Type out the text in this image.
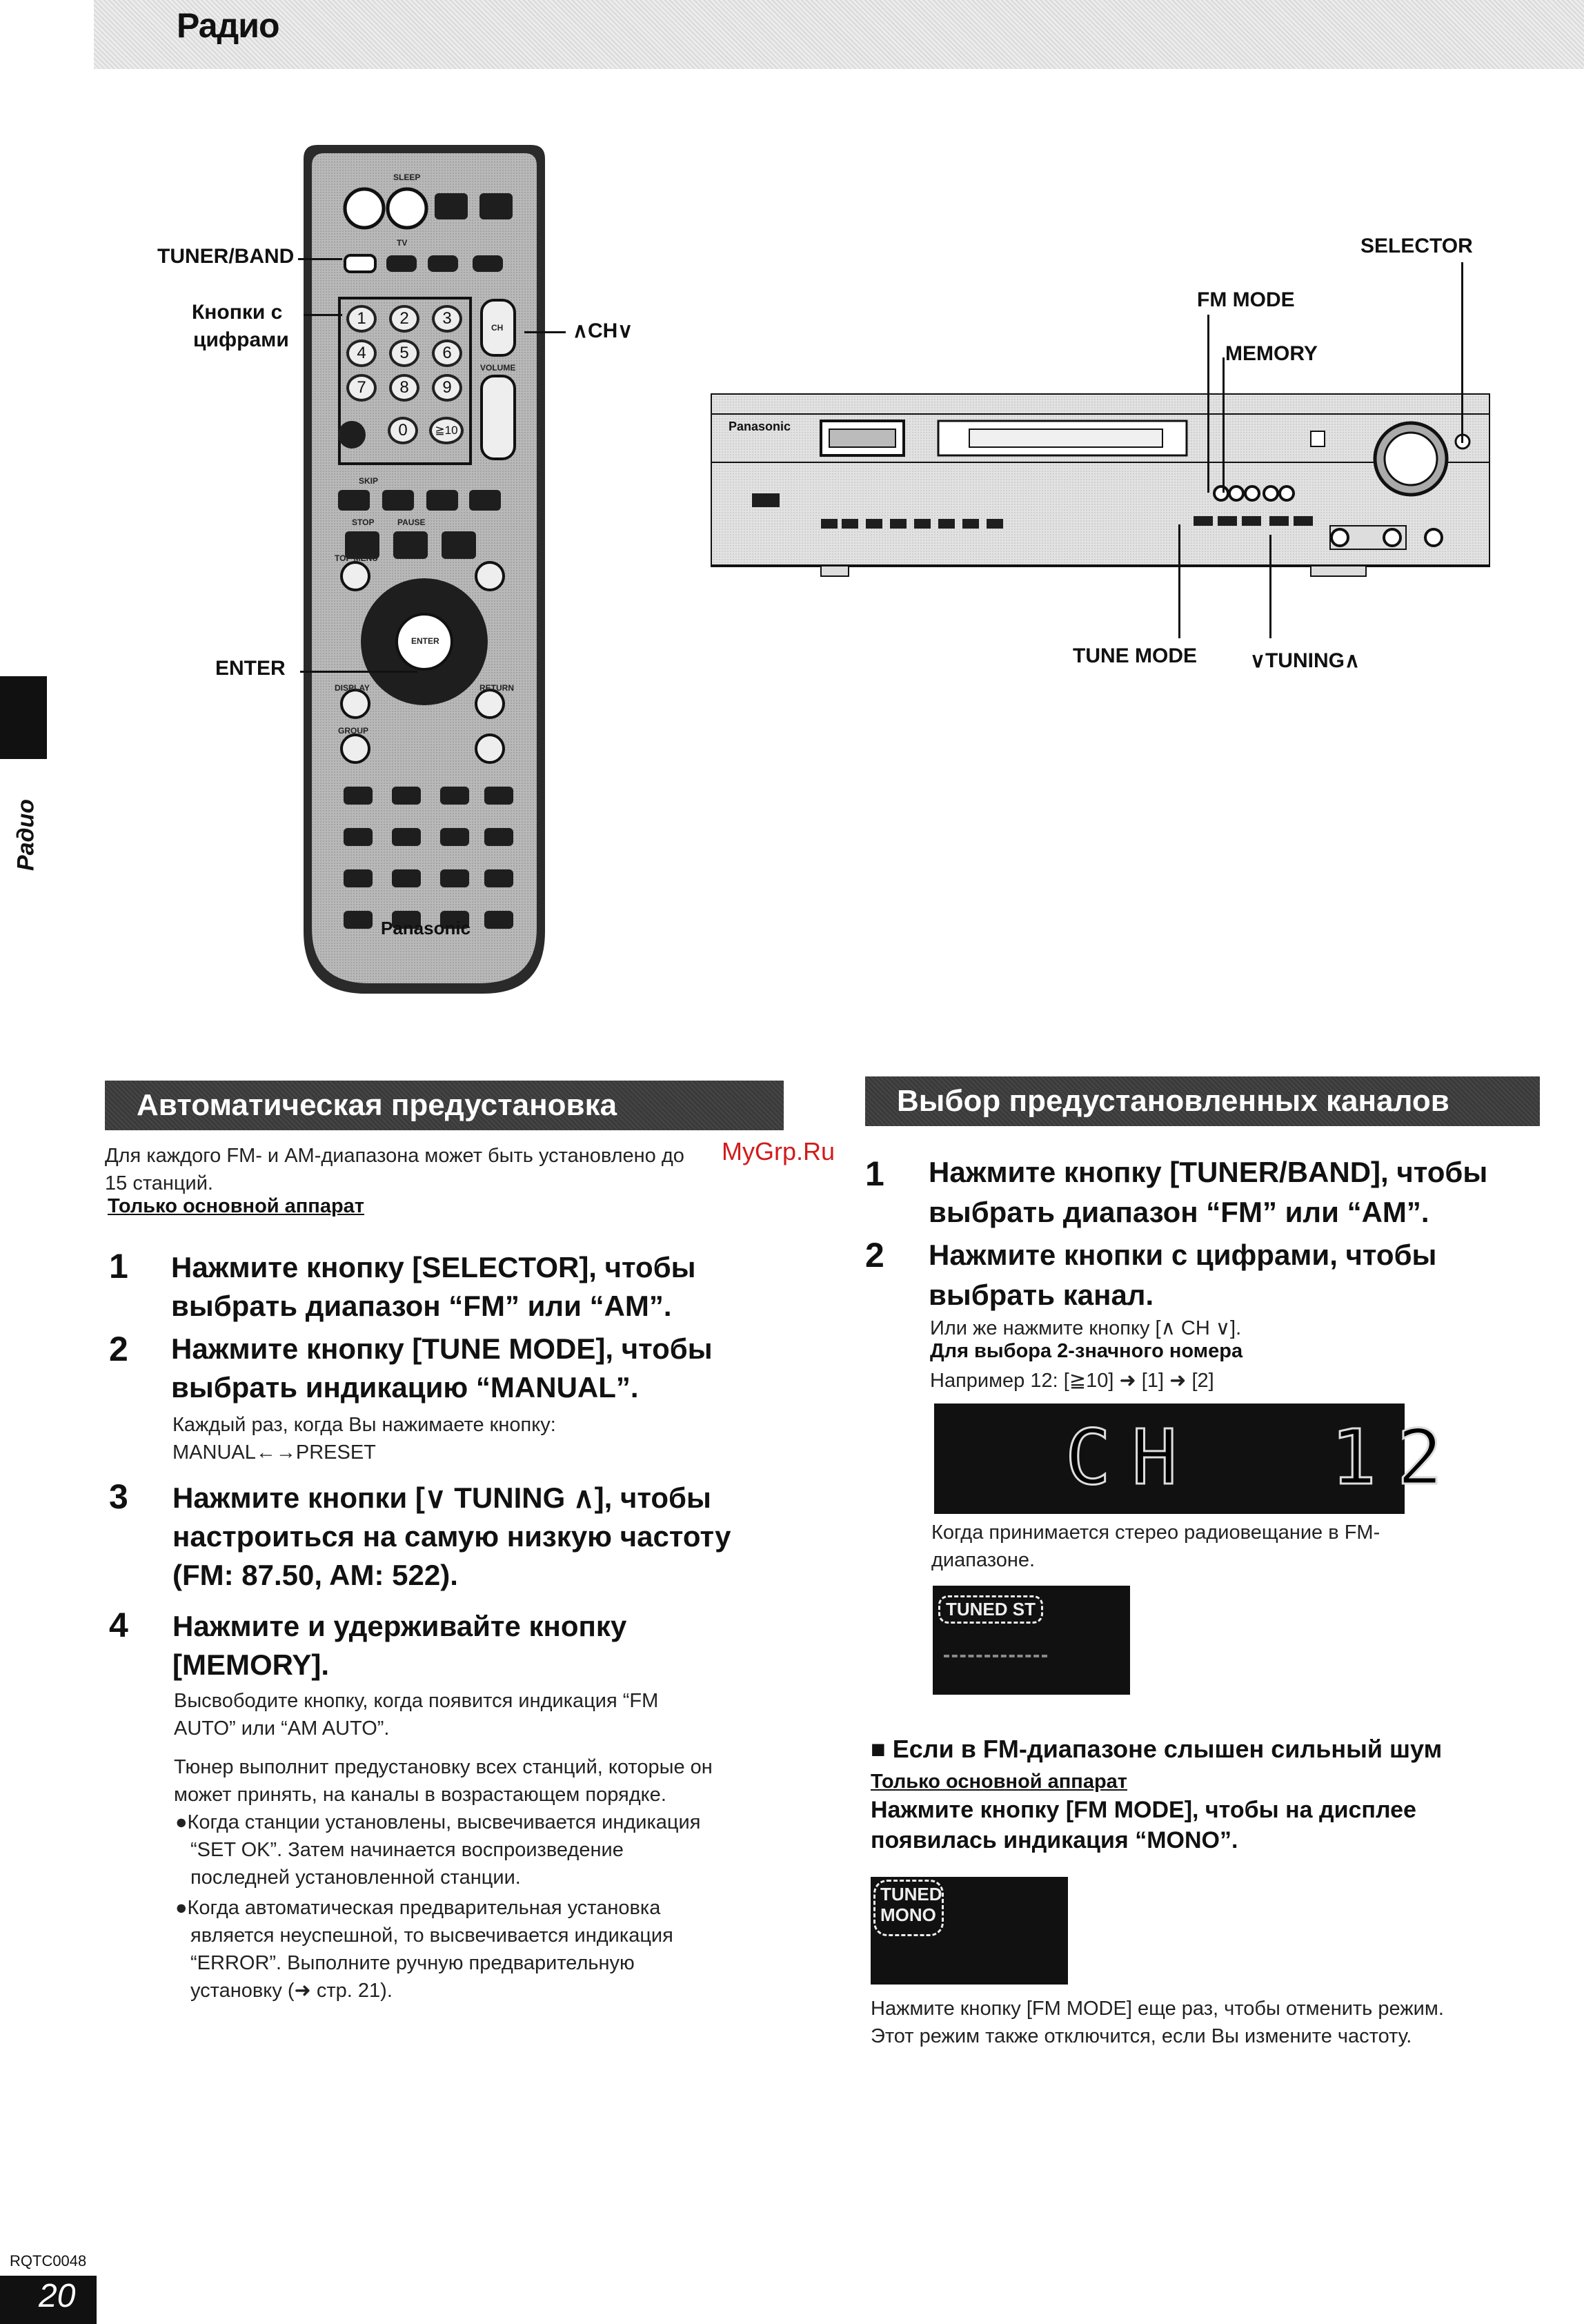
Радио
Радио
1	2	3
4	5	6
7	8	9
0	≧10
SLEEP
TV
CH
VOLUME
SKIP
STOP	PAUSE
TOP MENU
ENTER
DISPLAY
GROUP
RETURN
Panasonic
TUNER/BAND
Кнопки с
цифрами	∧CH∨
ENTER
Panasonic
SELECTOR
FM MODE
MEMORY
TUNE MODE	∨TUNING∧
MyGrp.Ru
Автоматическая предустановка
Для каждого FM- и AM-диапазона может быть установлено до
15 станций.
Только основной аппарат
1 Нажмите кнопку [SELECTOR], чтобы
выбрать диапазон “FM” или “AM”.
2 Нажмите кнопку [TUNE MODE], чтобы
выбрать индикацию “MANUAL”.
Каждый раз, когда Вы нажимаете кнопку:
MANUAL←→PRESET
3 Нажмите кнопки [∨ TUNING ∧], чтобы
настроиться на самую низкую частоту
(FM: 87.50, AM: 522).
4 Нажмите и удерживайте кнопку
[MEMORY].
Высвободите кнопку, когда появится индикация “FM
AUTO” или “AM AUTO”.
Тюнер выполнит предустановку всех станций, которые он
может принять, на каналы в возрастающем порядке.
●Когда станции установлены, высвечивается индикация
“SET OK”. Затем начинается воспроизведение
последней установленной станции.
●Когда автоматическая предварительная установка
является неуспешной, то высвечивается индикация
“ERROR”. Выполните ручную предварительную
установку (➜ стр. 21).
Выбор предустановленных каналов
1 Нажмите кнопку [TUNER/BAND], чтобы
выбрать диапазон “FM” или “AM”.
2 Нажмите кнопки с цифрами, чтобы
выбрать канал.
Или же нажмите кнопку [∧ CH ∨].
Для выбора 2-значного номера
Например 12: [≧10] ➜ [1] ➜ [2]
CH  12
Когда принимается стерео радиовещание в FM-
диапазоне.
TUNED ST
■ Если в FM-диапазоне слышен сильный шум
Только основной аппарат
Нажмите кнопку [FM MODE], чтобы на дисплее
появилась индикация “MONO”.
TUNED
MONO
Нажмите кнопку [FM MODE] еще раз, чтобы отменить режим.
Этот режим также отключится, если Вы измените частоту.
RQTC0048
20
